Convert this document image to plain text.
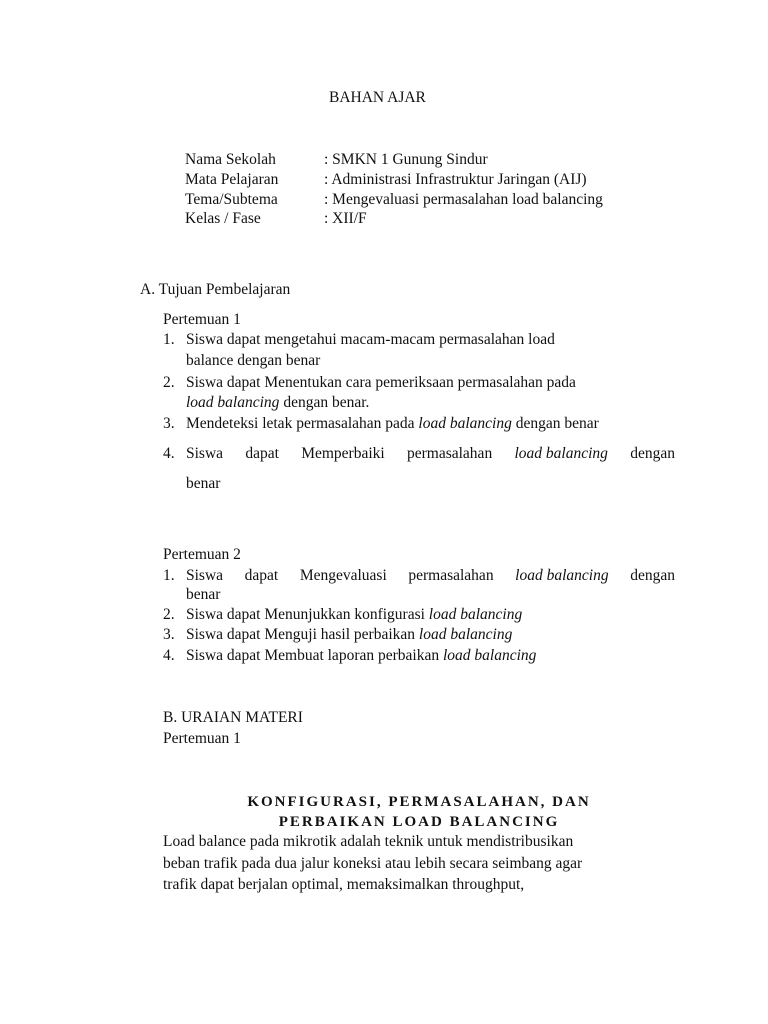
BAHAN AJAR
Nama Sekolah	: SMKN 1 Gunung Sindur
Mata Pelajaran	: Administrasi Infrastruktur Jaringan (AIJ)
Tema/Subtema	: Mengevaluasi permasalahan load balancing
Kelas / Fase	: XII/F
A. Tujuan Pembelajaran
Pertemuan 1
1. Siswa dapat mengetahui macam-macam permasalahan load
balance dengan benar
2. Siswa dapat Menentukan cara pemeriksaan permasalahan pada
load balancing dengan benar.
3. Mendeteksi letak permasalahan pada load balancing dengan benar
4. Siswa dapat Memperbaiki permasalahan load balancing dengan
benar
Pertemuan 2
1. Siswa dapat Mengevaluasi permasalahan load balancing dengan
benar
2. Siswa dapat Menunjukkan konfigurasi load balancing
3. Siswa dapat Menguji hasil perbaikan load balancing
4. Siswa dapat Membuat laporan perbaikan load balancing
B. URAIAN MATERI
Pertemuan 1
KONFIGURASI, PERMASALAHAN, DAN
PERBAIKAN LOAD BALANCING
Load balance pada mikrotik adalah teknik untuk mendistribusikan
beban trafik pada dua jalur koneksi atau lebih secara seimbang agar
trafik dapat berjalan optimal, memaksimalkan throughput,
